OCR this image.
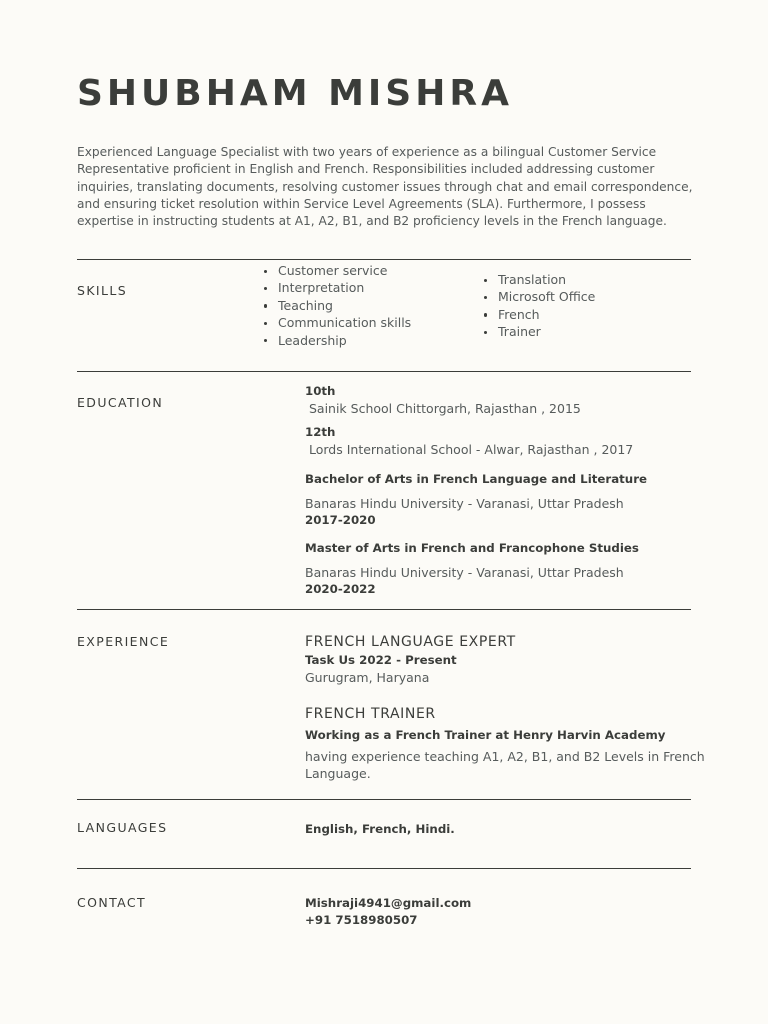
SHUBHAM MISHRA

Experienced Language Specialist with two years of experience as a bilingual Customer Service Representative proficient in English and French. Responsibilities included addressing customer inquiries, translating documents, resolving customer issues through chat and email correspondence, and ensuring ticket resolution within Service Level Agreements (SLA). Furthermore, I possess expertise in instructing students at A1, A2, B1, and B2 proficiency levels in the French language.

SKILLS
Customer service
Interpretation
Teaching
Communication skills
Leadership
Translation
Microsoft Office
French
Trainer
EDUCATION
10th
Sainik School Chittorgarh, Rajasthan , 2015
12th
Lords International School - Alwar, Rajasthan , 2017
Bachelor of Arts in French Language and Literature
Banaras Hindu University - Varanasi, Uttar Pradesh
2017-2020
Master of Arts in French and Francophone Studies
Banaras Hindu University - Varanasi, Uttar Pradesh
2020-2022
EXPERIENCE	FRENCH LANGUAGE EXPERT
Task Us 2022 - Present
Gurugram, Haryana
FRENCH TRAINER
Working as a French Trainer at Henry Harvin Academy
having experience teaching A1, A2, B1, and B2 Levels in French Language.
LANGUAGES	English, French, Hindi.
CONTACT	Mishraji4941@gmail.com
+91 7518980507
